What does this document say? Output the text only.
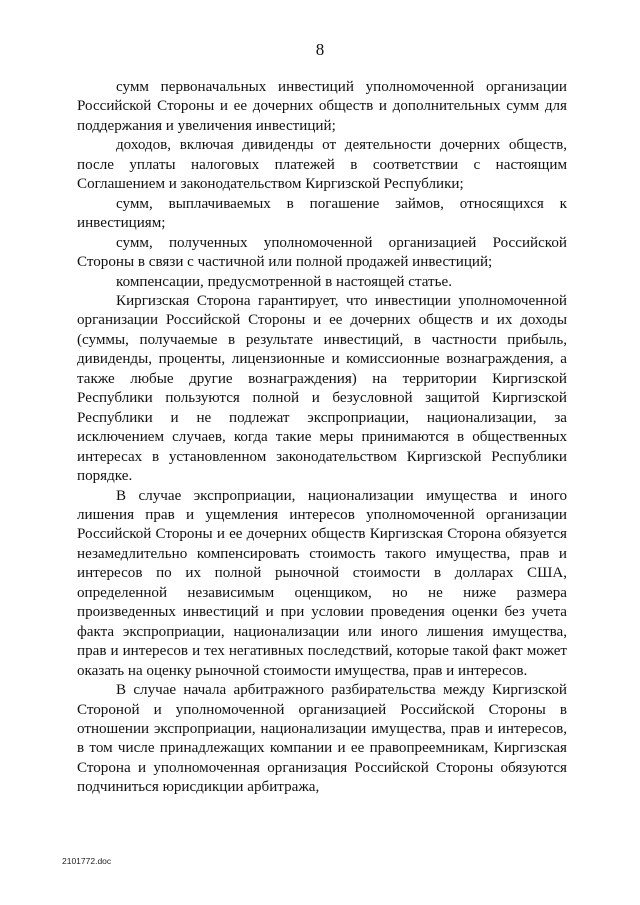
8

сумм первоначальных инвестиций уполномоченной организации Российской Стороны и ее дочерних обществ и дополнительных сумм для поддержания и увеличения инвестиций;

доходов, включая дивиденды от деятельности дочерних обществ, после уплаты налоговых платежей в соответствии с настоящим Соглашением и законодательством Киргизской Республики;

сумм, выплачиваемых в погашение займов, относящихся к инвестициям;

сумм, полученных уполномоченной организацией Российской Стороны в связи с частичной или полной продажей инвестиций;

компенсации, предусмотренной в настоящей статье.

Киргизская Сторона гарантирует, что инвестиции уполномоченной организации Российской Стороны и ее дочерних обществ и их доходы (суммы, получаемые в результате инвестиций, в частности прибыль, дивиденды, проценты, лицензионные и комиссионные вознаграждения, а также любые другие вознаграждения) на территории Киргизской Республики пользуются полной и безусловной защитой Киргизской Республики и не подлежат экспроприации, национализации, за исключением случаев, когда такие меры принимаются в общественных интересах в установленном законодательством Киргизской Республики порядке.

В случае экспроприации, национализации имущества и иного лишения прав и ущемления интересов уполномоченной организации Российской Стороны и ее дочерних обществ Киргизская Сторона обязуется незамедлительно компенсировать стоимость такого имущества, прав и интересов по их полной рыночной стоимости в долларах США, определенной независимым оценщиком, но не ниже размера произведенных инвестиций и при условии проведения оценки без учета факта экспроприации, национализации или иного лишения имущества, прав и интересов и тех негативных последствий, которые такой факт может оказать на оценку рыночной стоимости имущества, прав и интересов.

В случае начала арбитражного разбирательства между Киргизской Стороной и уполномоченной организацией Российской Стороны в отношении экспроприации, национализации имущества, прав и интересов, в том числе принадлежащих компании и ее правопреемникам, Киргизская Сторона и уполномоченная организация Российской Стороны обязуются подчиниться юрисдикции арбитража,

2101772.doc
